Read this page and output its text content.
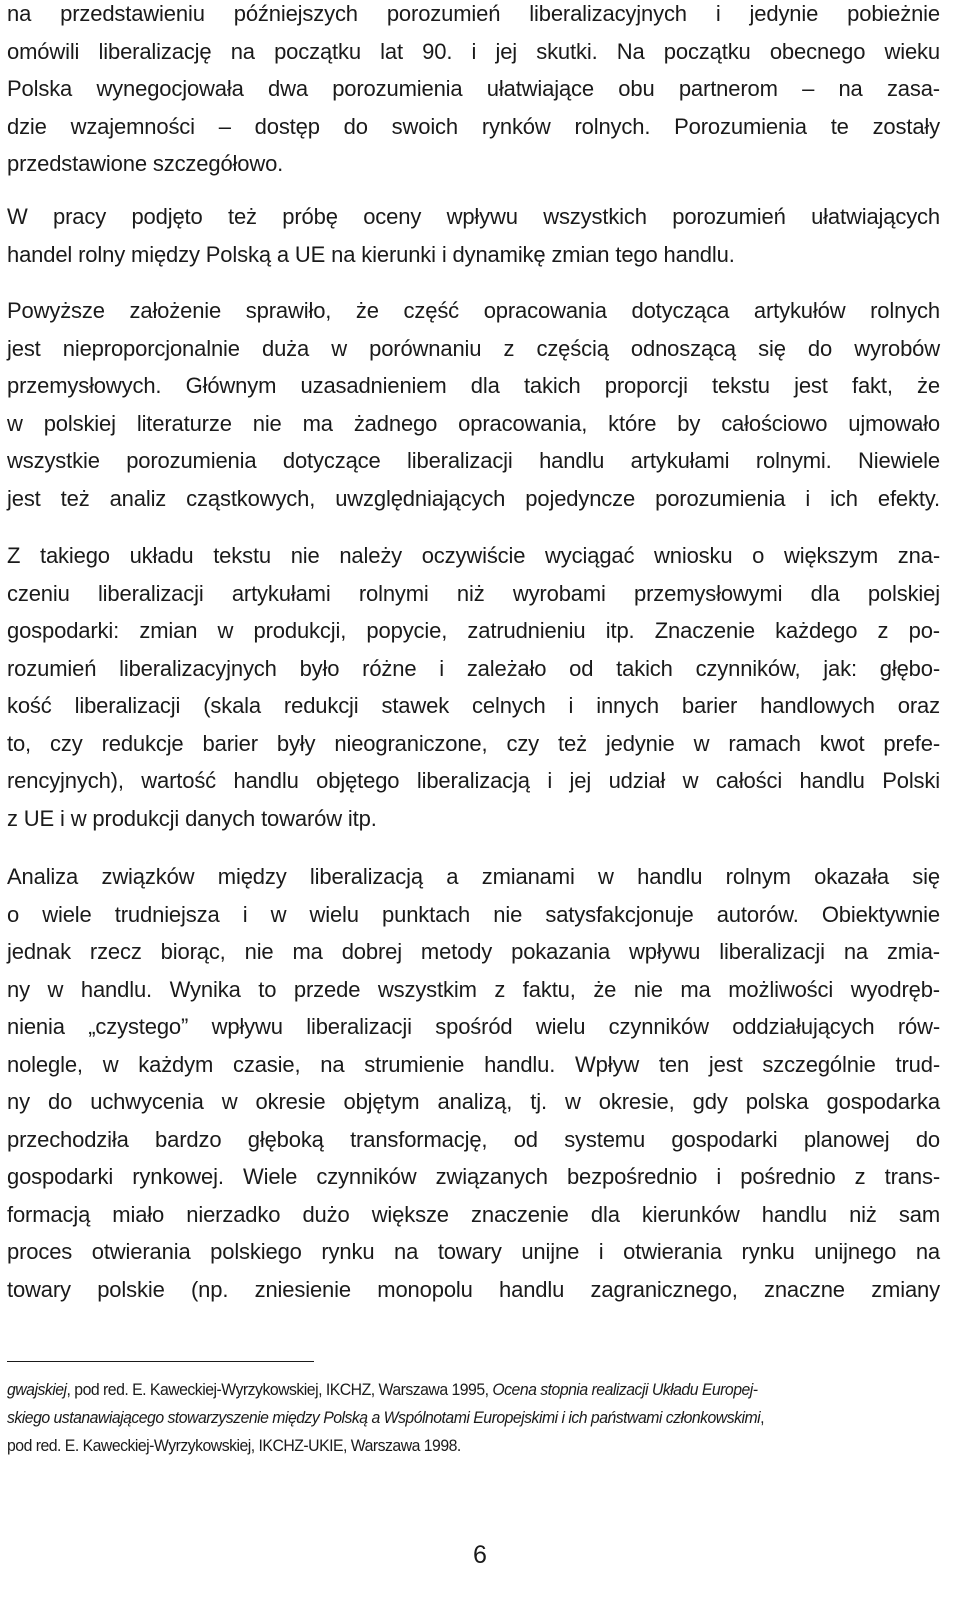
na przedstawieniu późniejszych porozumień liberalizacyjnych i jedynie pobieżnie
omówili liberalizację na początku lat 90. i jej skutki. Na początku obecnego wieku
Polska wynegocjowała dwa porozumienia ułatwiające obu partnerom – na zasa-
dzie wzajemności – dostęp do swoich rynków rolnych. Porozumienia te zostały
przedstawione szczegółowo.
W pracy podjęto też próbę oceny wpływu wszystkich porozumień ułatwiających
handel rolny między Polską a UE na kierunki i dynamikę zmian tego handlu.
Powyższe założenie sprawiło, że część opracowania dotycząca artykułów rolnych
jest nieproporcjonalnie duża w porównaniu z częścią odnoszącą się do wyrobów
przemysłowych. Głównym uzasadnieniem dla takich proporcji tekstu jest fakt, że
w polskiej literaturze nie ma żadnego opracowania, które by całościowo ujmowało
wszystkie porozumienia dotyczące liberalizacji handlu artykułami rolnymi. Niewiele
jest też analiz cząstkowych, uwzględniających pojedyncze porozumienia i ich efekty.
Z takiego układu tekstu nie należy oczywiście wyciągać wniosku o większym zna-
czeniu liberalizacji artykułami rolnymi niż wyrobami przemysłowymi dla polskiej
gospodarki: zmian w produkcji, popycie, zatrudnieniu itp. Znaczenie każdego z po-
rozumień liberalizacyjnych było różne i zależało od takich czynników, jak: głębo-
kość liberalizacji (skala redukcji stawek celnych i innych barier handlowych oraz
to, czy redukcje barier były nieograniczone, czy też jedynie w ramach kwot prefe-
rencyjnych), wartość handlu objętego liberalizacją i jej udział w całości handlu Polski
z UE i w produkcji danych towarów itp.
Analiza związków między liberalizacją a zmianami w handlu rolnym okazała się
o wiele trudniejsza i w wielu punktach nie satysfakcjonuje autorów. Obiektywnie
jednak rzecz biorąc, nie ma dobrej metody pokazania wpływu liberalizacji na zmia-
ny w handlu. Wynika to przede wszystkim z faktu, że nie ma możliwości wyodręb-
nienia „czystego” wpływu liberalizacji spośród wielu czynników oddziałujących rów-
nolegle, w każdym czasie, na strumienie handlu. Wpływ ten jest szczególnie trud-
ny do uchwycenia w okresie objętym analizą, tj. w okresie, gdy polska gospodarka
przechodziła bardzo głęboką transformację, od systemu gospodarki planowej do
gospodarki rynkowej. Wiele czynników związanych bezpośrednio i pośrednio z trans-
formacją miało nierzadko dużo większe znaczenie dla kierunków handlu niż sam
proces otwierania polskiego rynku na towary unijne i otwierania rynku unijnego na
towary polskie (np. zniesienie monopolu handlu zagranicznego, znaczne zmiany
gwajskiej, pod red. E. Kaweckiej-Wyrzykowskiej, IKCHZ, Warszawa 1995, Ocena stopnia realizacji Układu Europej-
skiego ustanawiającego stowarzyszenie między Polską a Wspólnotami Europejskimi i ich państwami członkowskimi,
pod red. E. Kaweckiej-Wyrzykowskiej, IKCHZ-UKIE, Warszawa 1998.
6
